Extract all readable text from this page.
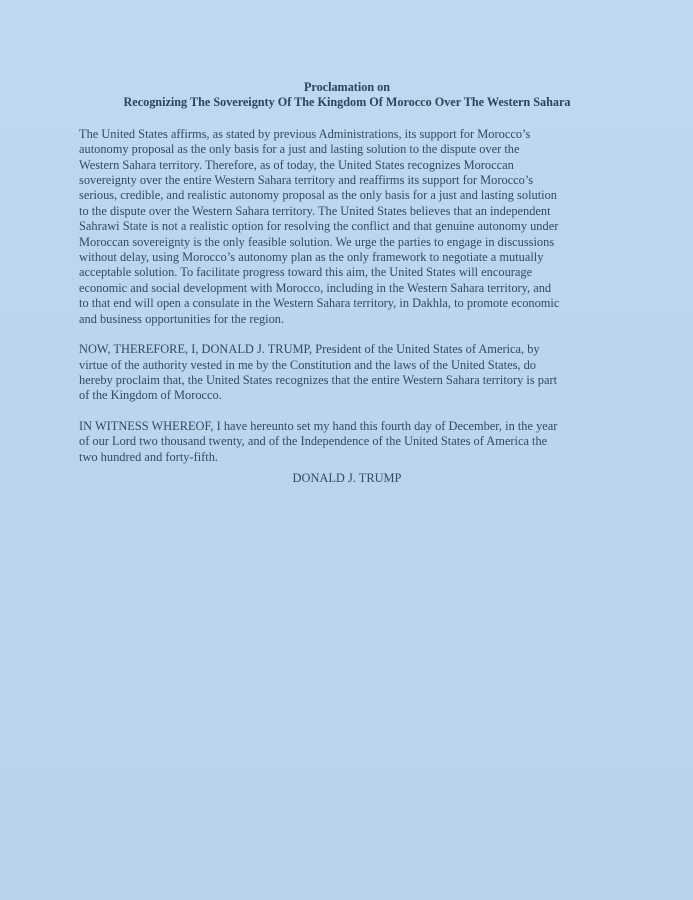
Proclamation on
Recognizing The Sovereignty Of The Kingdom Of Morocco Over The Western Sahara

The United States affirms, as stated by previous Administrations, its support for Morocco’s
autonomy proposal as the only basis for a just and lasting solution to the dispute over the
Western Sahara territory. Therefore, as of today, the United States recognizes Moroccan
sovereignty over the entire Western Sahara territory and reaffirms its support for Morocco’s
serious, credible, and realistic autonomy proposal as the only basis for a just and lasting solution
to the dispute over the Western Sahara territory. The United States believes that an independent
Sahrawi State is not a realistic option for resolving the conflict and that genuine autonomy under
Moroccan sovereignty is the only feasible solution. We urge the parties to engage in discussions
without delay, using Morocco’s autonomy plan as the only framework to negotiate a mutually
acceptable solution. To facilitate progress toward this aim, the United States will encourage
economic and social development with Morocco, including in the Western Sahara territory, and
to that end will open a consulate in the Western Sahara territory, in Dakhla, to promote economic
and business opportunities for the region.

NOW, THEREFORE, I, DONALD J. TRUMP, President of the United States of America, by
virtue of the authority vested in me by the Constitution and the laws of the United States, do
hereby proclaim that, the United States recognizes that the entire Western Sahara territory is part
of the Kingdom of Morocco.

IN WITNESS WHEREOF, I have hereunto set my hand this fourth day of December, in the year
of our Lord two thousand twenty, and of the Independence of the United States of America the
two hundred and forty-fifth.

DONALD J. TRUMP
